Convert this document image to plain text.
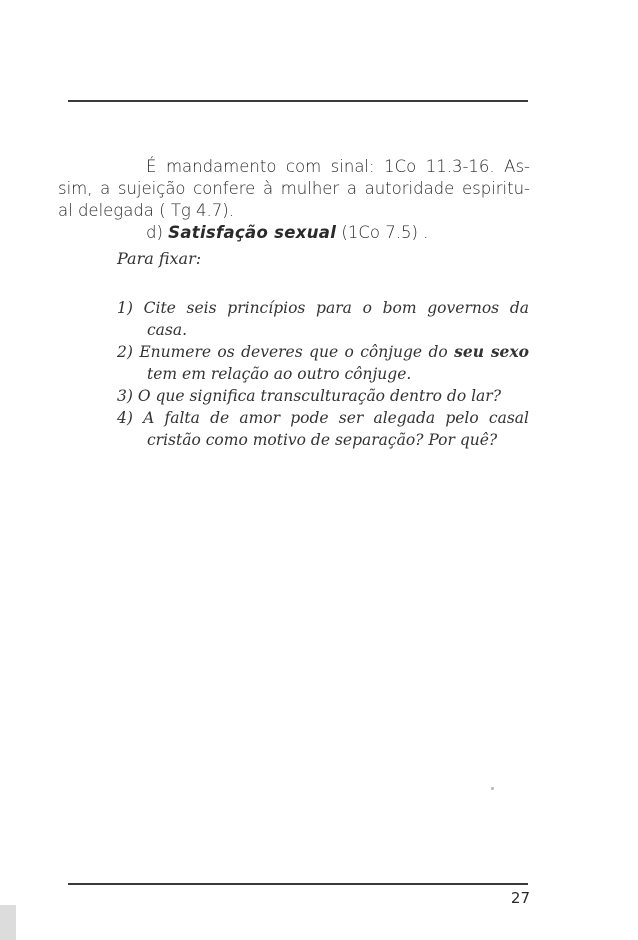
É mandamento com sinal: 1Co 11.3-16. As-
sim, a sujeição confere à mulher a autoridade espiritu-
al delegada ( Tg 4.7).
d) Satisfação sexual (1Co 7.5) .
Para fixar:
1) Cite seis princípios para o bom governos da
casa.
2) Enumere os deveres que o cônjuge do seu sexo
tem em relação ao outro cônjuge.
3) O que significa transculturação dentro do lar?
4) A falta de amor pode ser alegada pelo casal
cristão como motivo de separação? Por quê?
27
